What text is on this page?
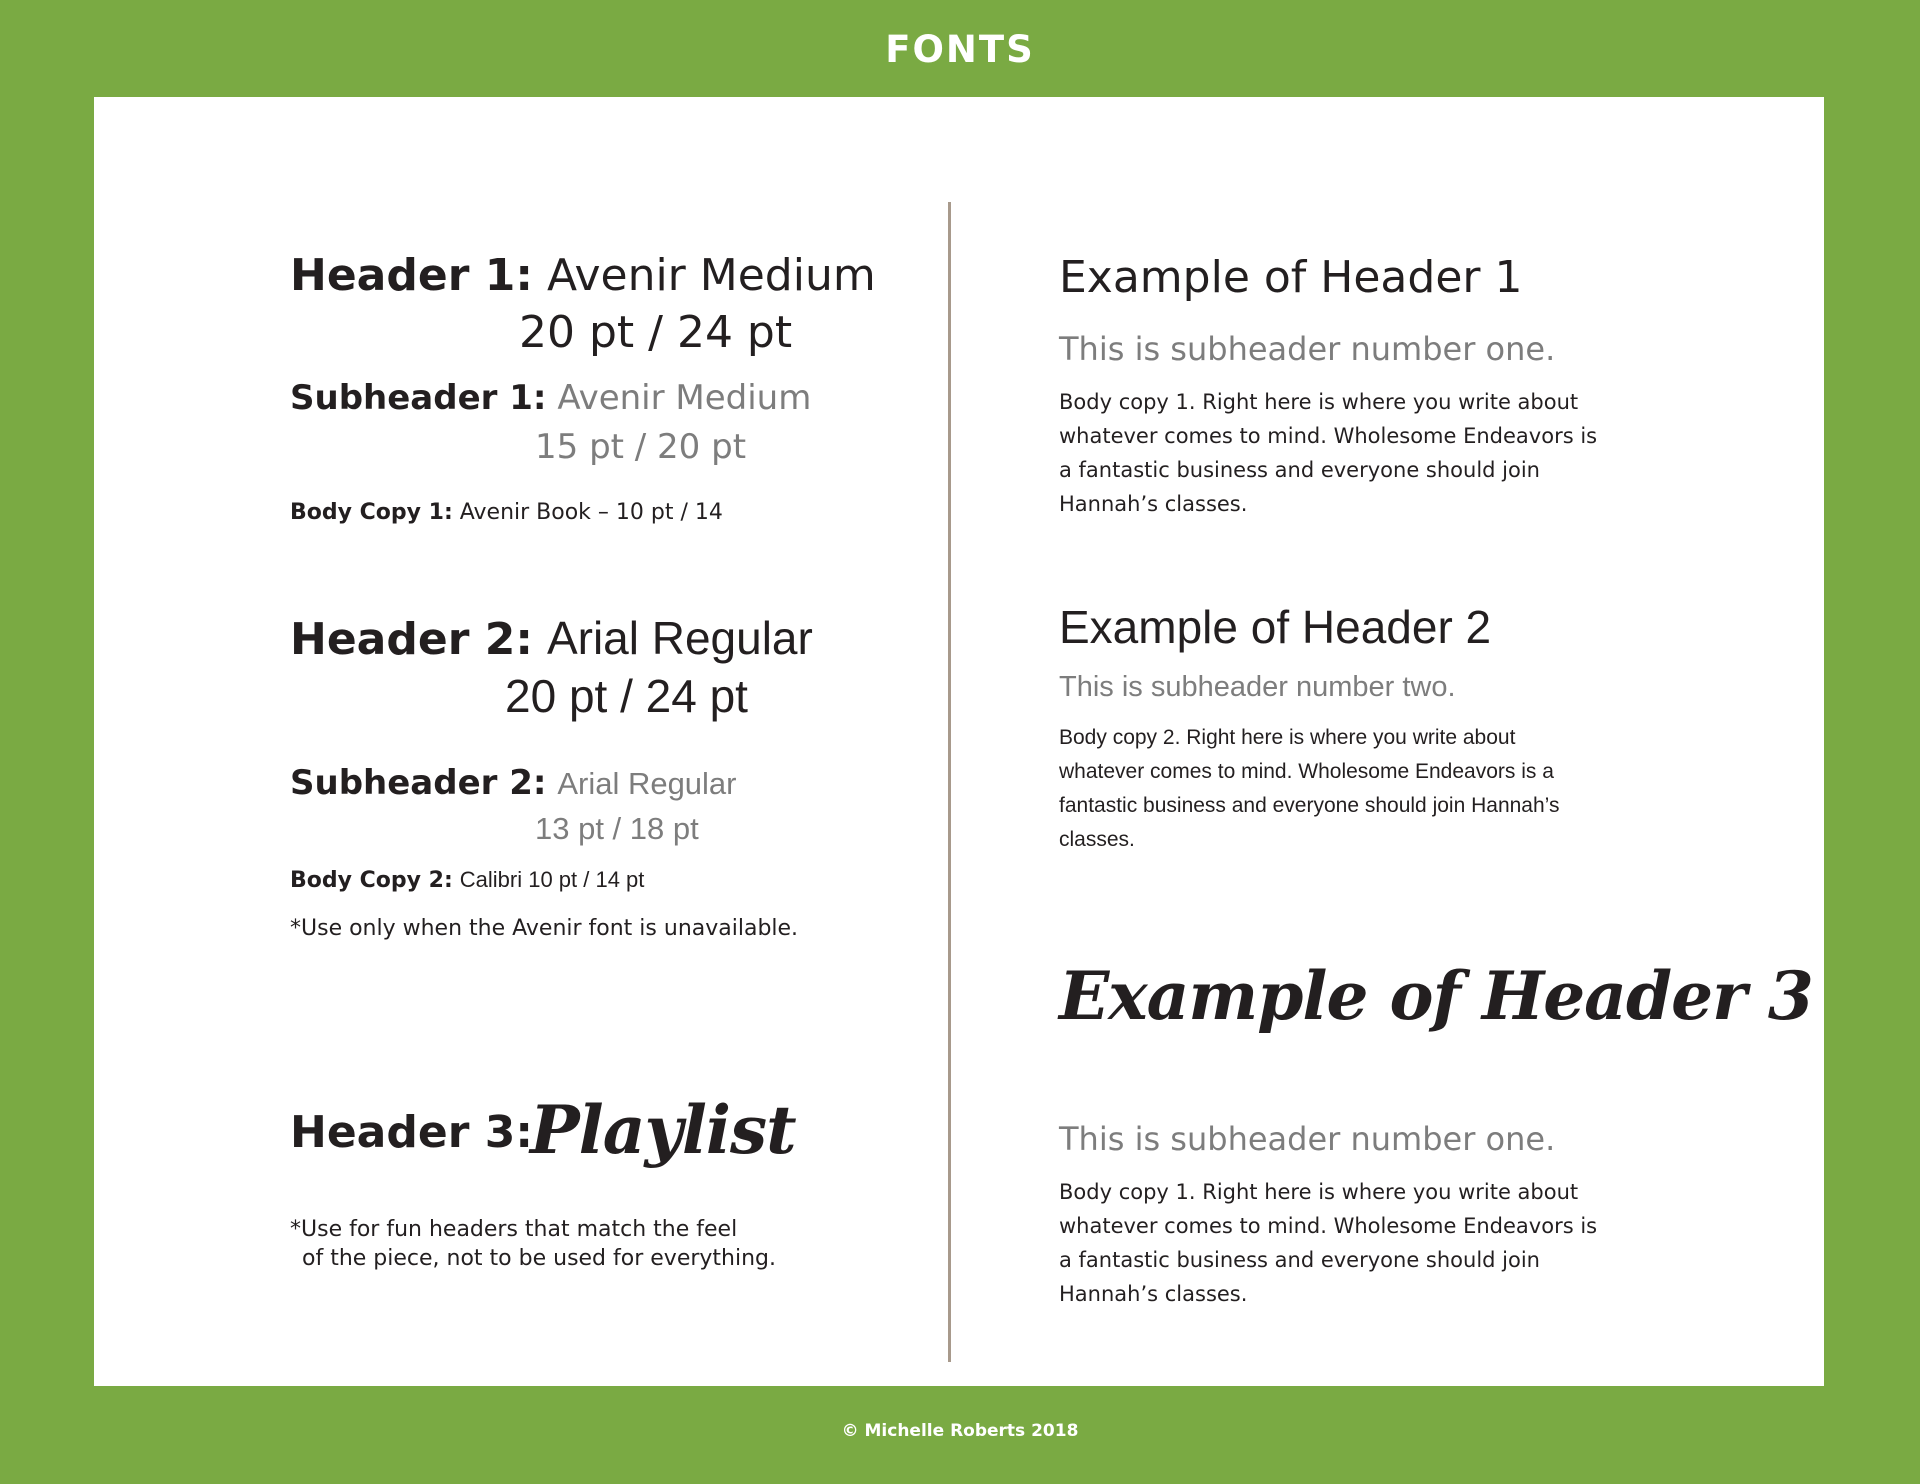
FONTS
Header 1: Avenir Medium
20 pt / 24 pt
Subheader 1: Avenir Medium
15 pt / 20 pt
Body Copy 1: Avenir Book – 10 pt / 14
Header 2: Arial Regular
20 pt / 24 pt
Subheader 2: Arial Regular
13 pt / 18 pt
Body Copy 2: Calibri 10 pt / 14 pt
*Use only when the Avenir font is unavailable.
Header 3:
Playlist
*Use for fun headers that match the feel
of the piece, not to be used for everything.
Example of Header 1
This is subheader number one.

Body copy 1. Right here is where you write about whatever comes to mind. Wholesome Endeavors is a fantastic business and everyone should join Hannah’s classes.

Example of Header 2
This is subheader number two.

Body copy 2. Right here is where you write about whatever comes to mind. Wholesome Endeavors is a fantastic business and everyone should join Hannah’s classes.

Example of Header 3
This is subheader number one.

Body copy 1. Right here is where you write about whatever comes to mind. Wholesome Endeavors is a fantastic business and everyone should join Hannah’s classes.

© Michelle Roberts 2018
